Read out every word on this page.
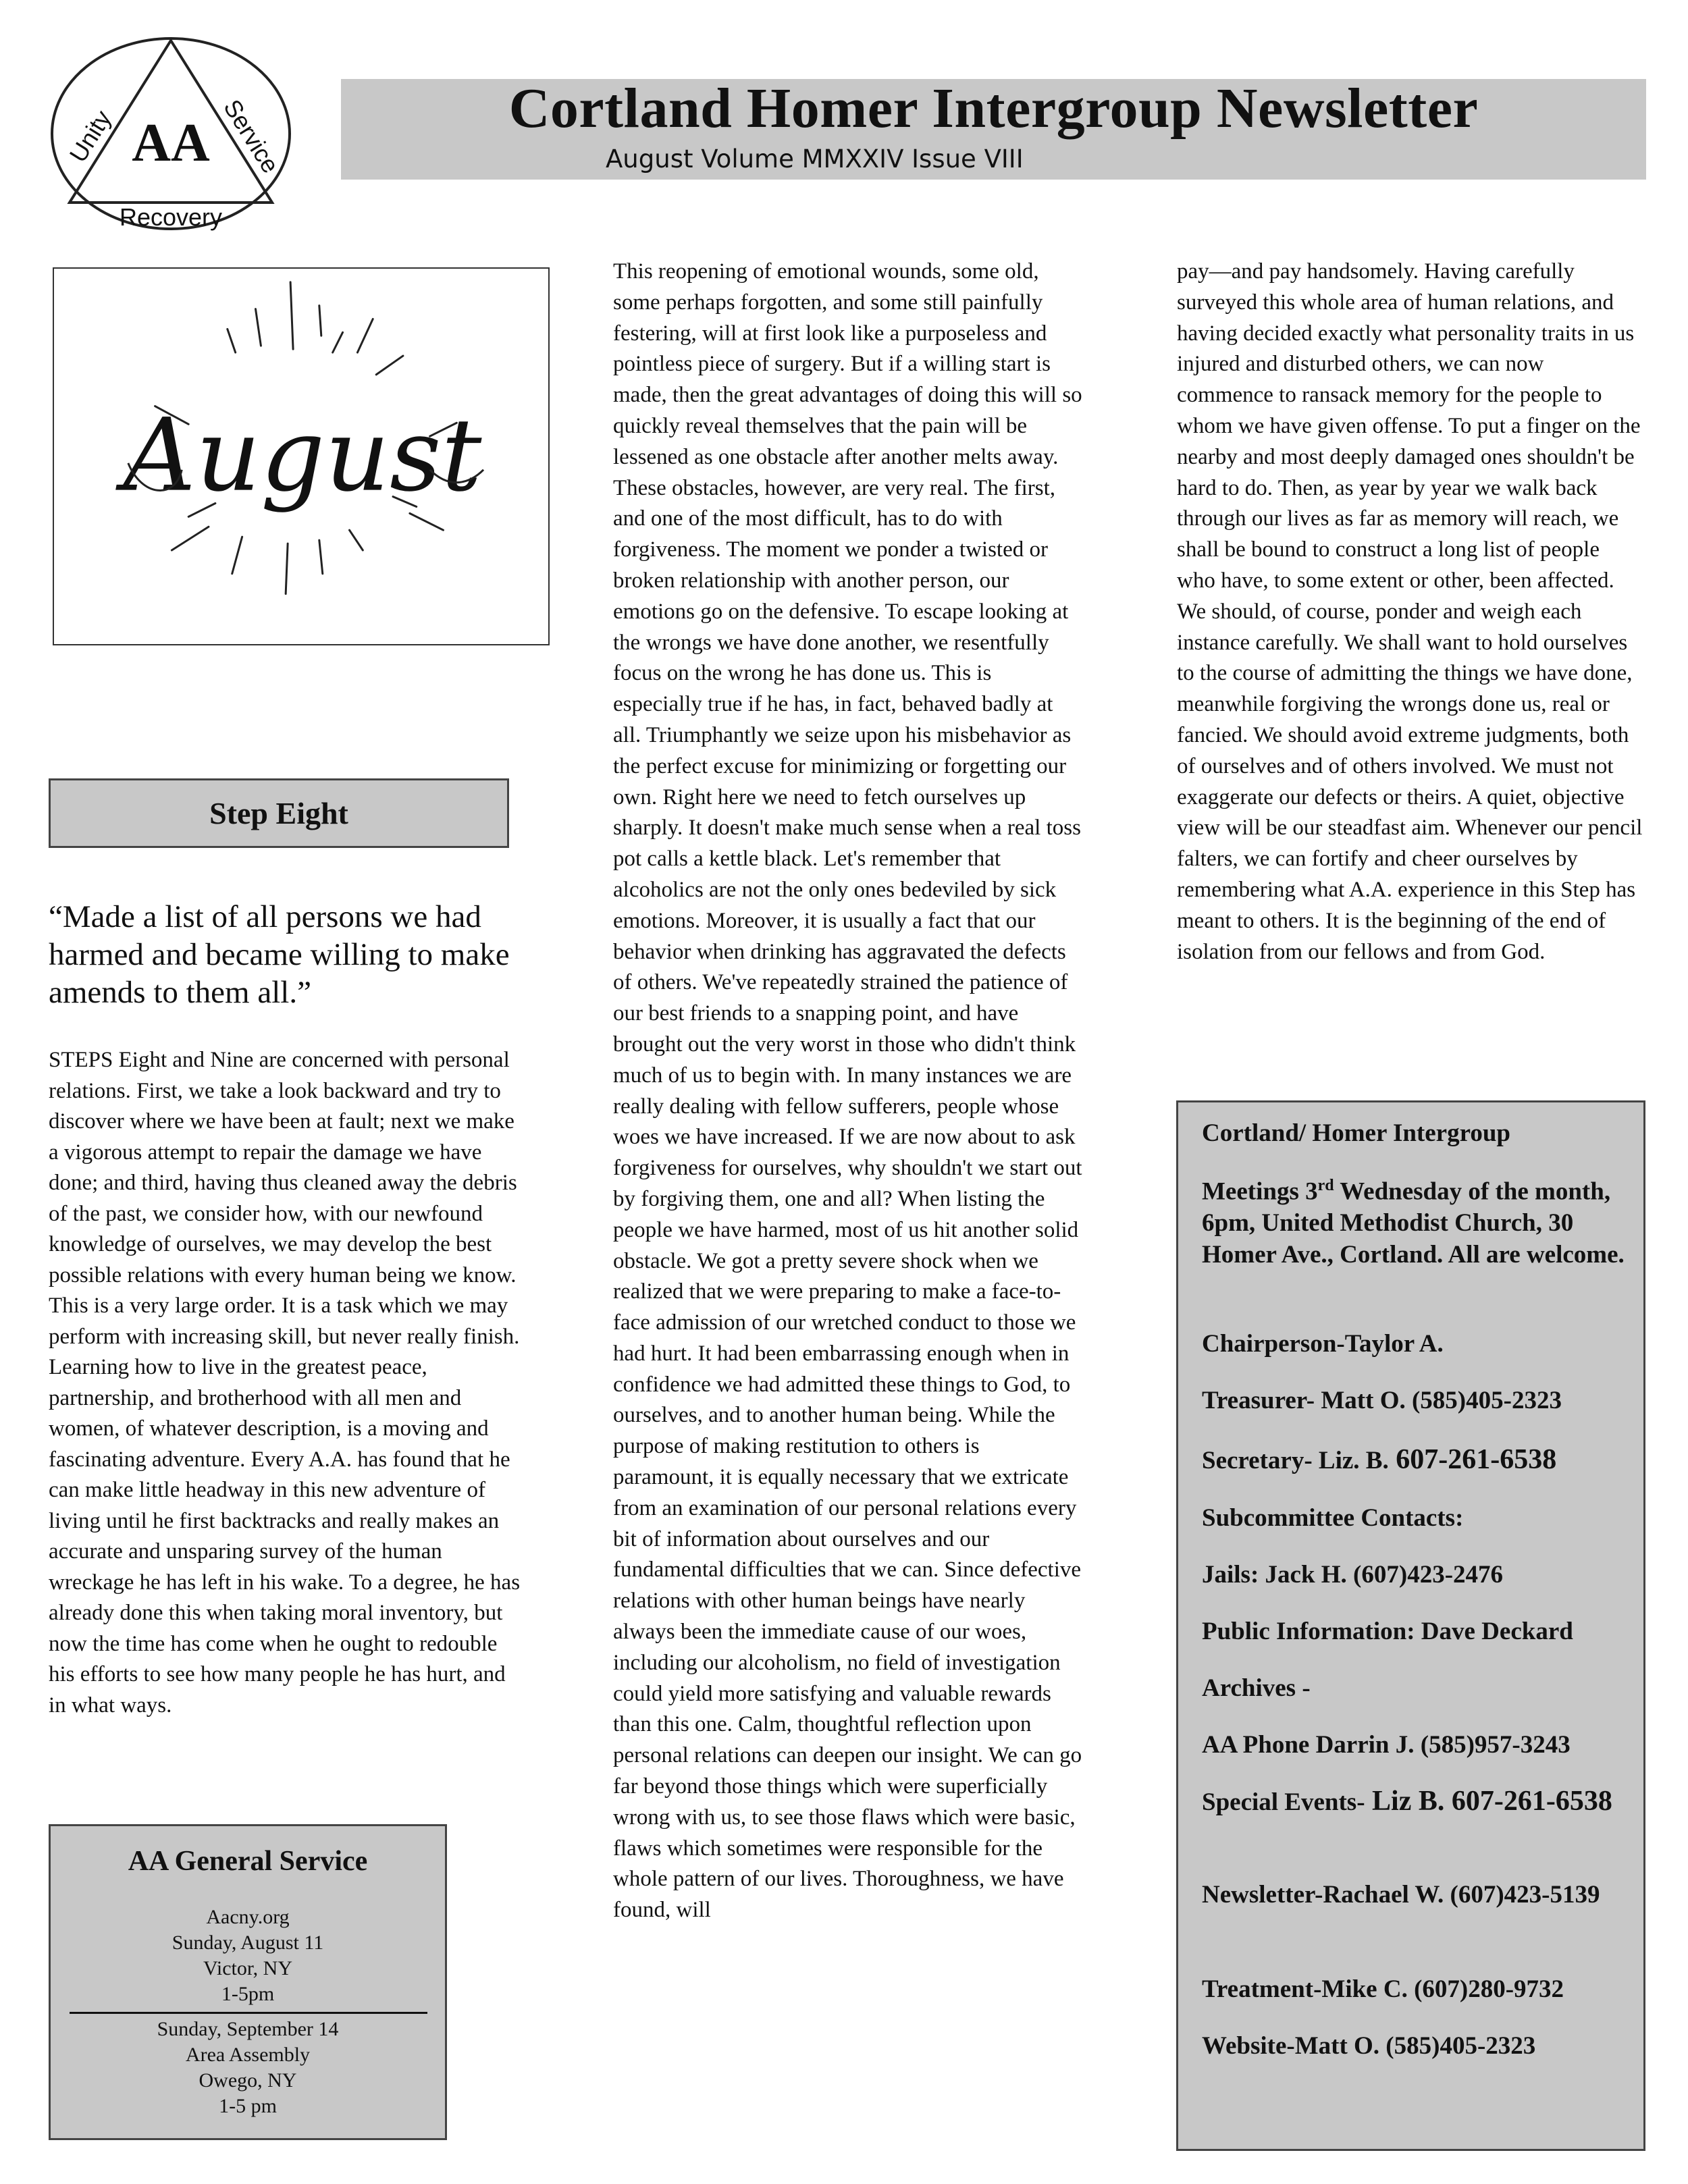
AA
Unity	Service
Recovery
Cortland Homer Intergroup Newsletter
August Volume MMXXIV Issue VIII
August
Step Eight
“Made a list of all persons we had harmed and became willing to make amends to them all.”
STEPS Eight and Nine are concerned with personal relations. First, we take a look backward and try to discover where we have been at fault; next we make a vigorous attempt to repair the damage we have done; and third, having thus cleaned away the debris of the past, we consider how, with our newfound knowledge of ourselves, we may develop the best possible relations with every human being we know. This is a very large order. It is a task which we may perform with increasing skill, but never really finish. Learning how to live in the greatest peace, partnership, and brotherhood with all men and women, of whatever description, is a moving and fascinating adventure. Every A.A. has found that he can make little headway in this new adventure of living until he first backtracks and really makes an accurate and unsparing survey of the human wreckage he has left in his wake. To a degree, he has already done this when taking moral inventory, but now the time has come when he ought to redouble his efforts to see how many people he has hurt, and in what ways.
AA General Service
Aacny.org
Sunday, August 11
Victor, NY
1-5pm
Sunday, September 14
Area Assembly
Owego, NY
1-5 pm
This reopening of emotional wounds, some old, some perhaps forgotten, and some still painfully festering, will at first look like a purposeless and pointless piece of surgery. But if a willing start is made, then the great advantages of doing this will so quickly reveal themselves that the pain will be lessened as one obstacle after another melts away. These obstacles, however, are very real. The first, and one of the most difficult, has to do with forgiveness. The moment we ponder a twisted or broken relationship with another person, our emotions go on the defensive. To escape looking at the wrongs we have done another, we resentfully focus on the wrong he has done us. This is especially true if he has, in fact, behaved badly at all. Triumphantly we seize upon his misbehavior as the perfect excuse for minimizing or forgetting our own. Right here we need to fetch ourselves up sharply. It doesn't make much sense when a real toss pot calls a kettle black. Let's remember that alcoholics are not the only ones bedeviled by sick emotions. Moreover, it is usually a fact that our behavior when drinking has aggravated the defects of others. We've repeatedly strained the patience of our best friends to a snapping point, and have brought out the very worst in those who didn't think much of us to begin with. In many instances we are really dealing with fellow sufferers, people whose woes we have increased. If we are now about to ask forgiveness for ourselves, why shouldn't we start out by forgiving them, one and all? When listing the people we have harmed, most of us hit another solid obstacle. We got a pretty severe shock when we realized that we were preparing to make a face-to-face admission of our wretched conduct to those we had hurt. It had been embarrassing enough when in confidence we had admitted these things to God, to ourselves, and to another human being. While the purpose of making restitution to others is paramount, it is equally necessary that we extricate from an examination of our personal relations every bit of information about ourselves and our fundamental difficulties that we can. Since defective relations with other human beings have nearly always been the immediate cause of our woes, including our alcoholism, no field of investigation could yield more satisfying and valuable rewards than this one. Calm, thoughtful reflection upon personal relations can deepen our insight. We can go far beyond those things which were superficially wrong with us, to see those flaws which were basic, flaws which sometimes were responsible for the whole pattern of our lives. Thoroughness, we have found, will
pay—and pay handsomely. Having carefully surveyed this whole area of human relations, and having decided exactly what personality traits in us injured and disturbed others, we can now commence to ransack memory for the people to whom we have given offense. To put a finger on the nearby and most deeply damaged ones shouldn't be hard to do. Then, as year by year we walk back through our lives as far as memory will reach, we shall be bound to construct a long list of people who have, to some extent or other, been affected. We should, of course, ponder and weigh each instance carefully. We shall want to hold ourselves to the course of admitting the things we have done, meanwhile forgiving the wrongs done us, real or fancied. We should avoid extreme judgments, both of ourselves and of others involved. We must not exaggerate our defects or theirs. A quiet, objective view will be our steadfast aim. Whenever our pencil falters, we can fortify and cheer ourselves by remembering what A.A. experience in this Step has meant to others. It is the beginning of the end of isolation from our fellows and from God.
Cortland/ Homer Intergroup
Meetings 3rd Wednesday of the month, 6pm, United Methodist Church, 30 Homer Ave., Cortland. All are welcome.
Chairperson-Taylor A.
Treasurer- Matt O. (585)405-2323
Secretary- Liz. B. 607-261-6538
Subcommittee Contacts:
Jails: Jack H. (607)423-2476
Public Information: Dave Deckard
Archives -
AA Phone Darrin J. (585)957-3243
Special Events- Liz B. 607-261-6538
Newsletter-Rachael W. (607)423-5139
Treatment-Mike C. (607)280-9732
Website-Matt O. (585)405-2323
